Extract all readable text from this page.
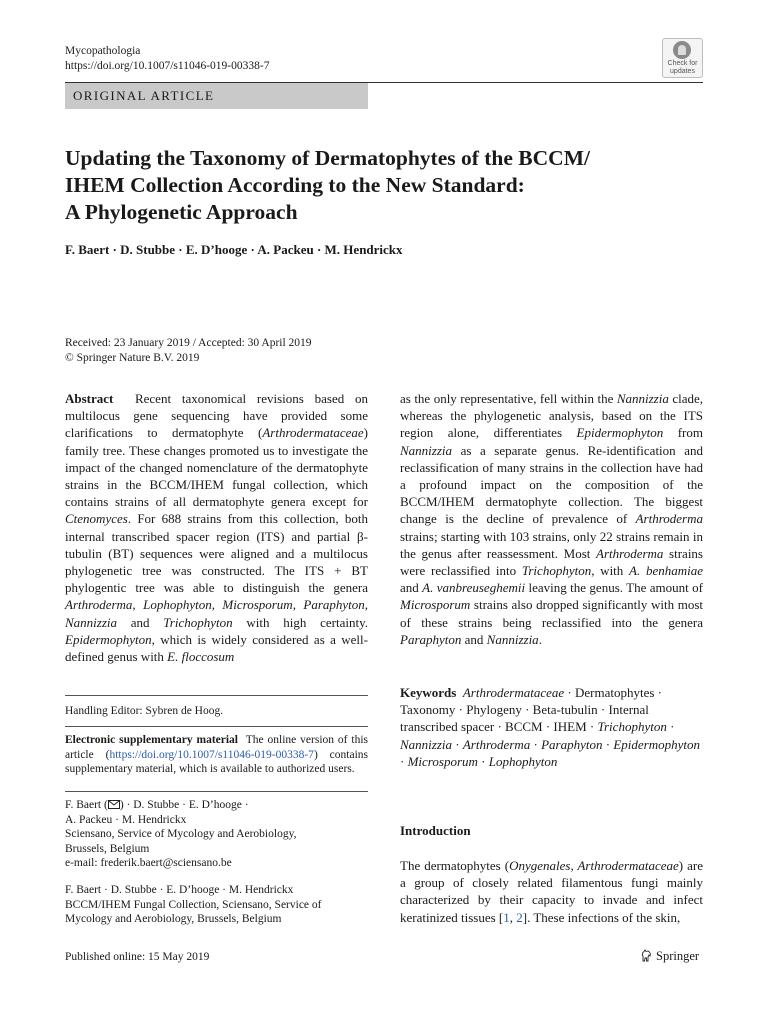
Mycopathologia
https://doi.org/10.1007/s11046-019-00338-7	Check for
updates
ORIGINAL ARTICLE
Updating the Taxonomy of Dermatophytes of the BCCM/
IHEM Collection According to the New Standard:
A Phylogenetic Approach
F. Baert · D. Stubbe · E. D’hooge · A. Packeu · M. Hendrickx
Received: 23 January 2019 / Accepted: 30 April 2019
© Springer Nature B.V. 2019
Abstract Recent taxonomical revisions based on multilocus gene sequencing have provided some clarifications to dermatophyte (Arthrodermataceae) family tree. These changes promoted us to investigate the impact of the changed nomenclature of the dermatophyte strains in the BCCM/IHEM fungal collection, which contains strains of all dermatophyte genera except for Ctenomyces. For 688 strains from this collection, both internal transcribed spacer region (ITS) and partial β-tubulin (BT) sequences were aligned and a multilocus phylogenetic tree was constructed. The ITS + BT phylogentic tree was able to distinguish the genera Arthroderma, Lophophyton, Microsporum, Paraphyton, Nannizzia and Trichophyton with high certainty. Epidermophyton, which is widely considered as a well-defined genus with E. floccosum
as the only representative, fell within the Nannizzia clade, whereas the phylogenetic analysis, based on the ITS region alone, differentiates Epidermophyton from Nannizzia as a separate genus. Re-identification and reclassification of many strains in the collection have had a profound impact on the composition of the BCCM/IHEM dermatophyte collection. The biggest change is the decline of prevalence of Arthroderma strains; starting with 103 strains, only 22 strains remain in the genus after reassessment. Most Arthroderma strains were reclassified into Trichophyton, with A. benhamiae and A. vanbreuseghemii leaving the genus. The amount of Microsporum strains also dropped significantly with most of these strains being reclassified into the genera Paraphyton and Nannizzia.
Handling Editor: Sybren de Hoog.
Electronic supplementary material The online version of this article (https://doi.org/10.1007/s11046-019-00338-7) contains supplementary material, which is available to authorized users.

F. Baert ( ) · D. Stubbe · E. D’hooge ·

A. Packeu · M. Hendrickx

Sciensano, Service of Mycology and Aerobiology,

Brussels, Belgium

e-mail: frederik.baert@sciensano.be

F. Baert · D. Stubbe · E. D’hooge · M. Hendrickx

BCCM/IHEM Fungal Collection, Sciensano, Service of

Mycology and Aerobiology, Brussels, Belgium

Keywords Arthrodermataceae · Dermatophytes · Taxonomy · Phylogeny · Beta-tubulin · Internal transcribed spacer · BCCM · IHEM · Trichophyton · Nannizzia · Arthroderma · Paraphyton · Epidermophyton · Microsporum · Lophophyton
Introduction
The dermatophytes (Onygenales, Arthrodermataceae) are a group of closely related filamentous fungi mainly characterized by their capacity to invade and infect keratinized tissues [1, 2]. These infections of the skin,
Published online: 15 May 2019	Springer
